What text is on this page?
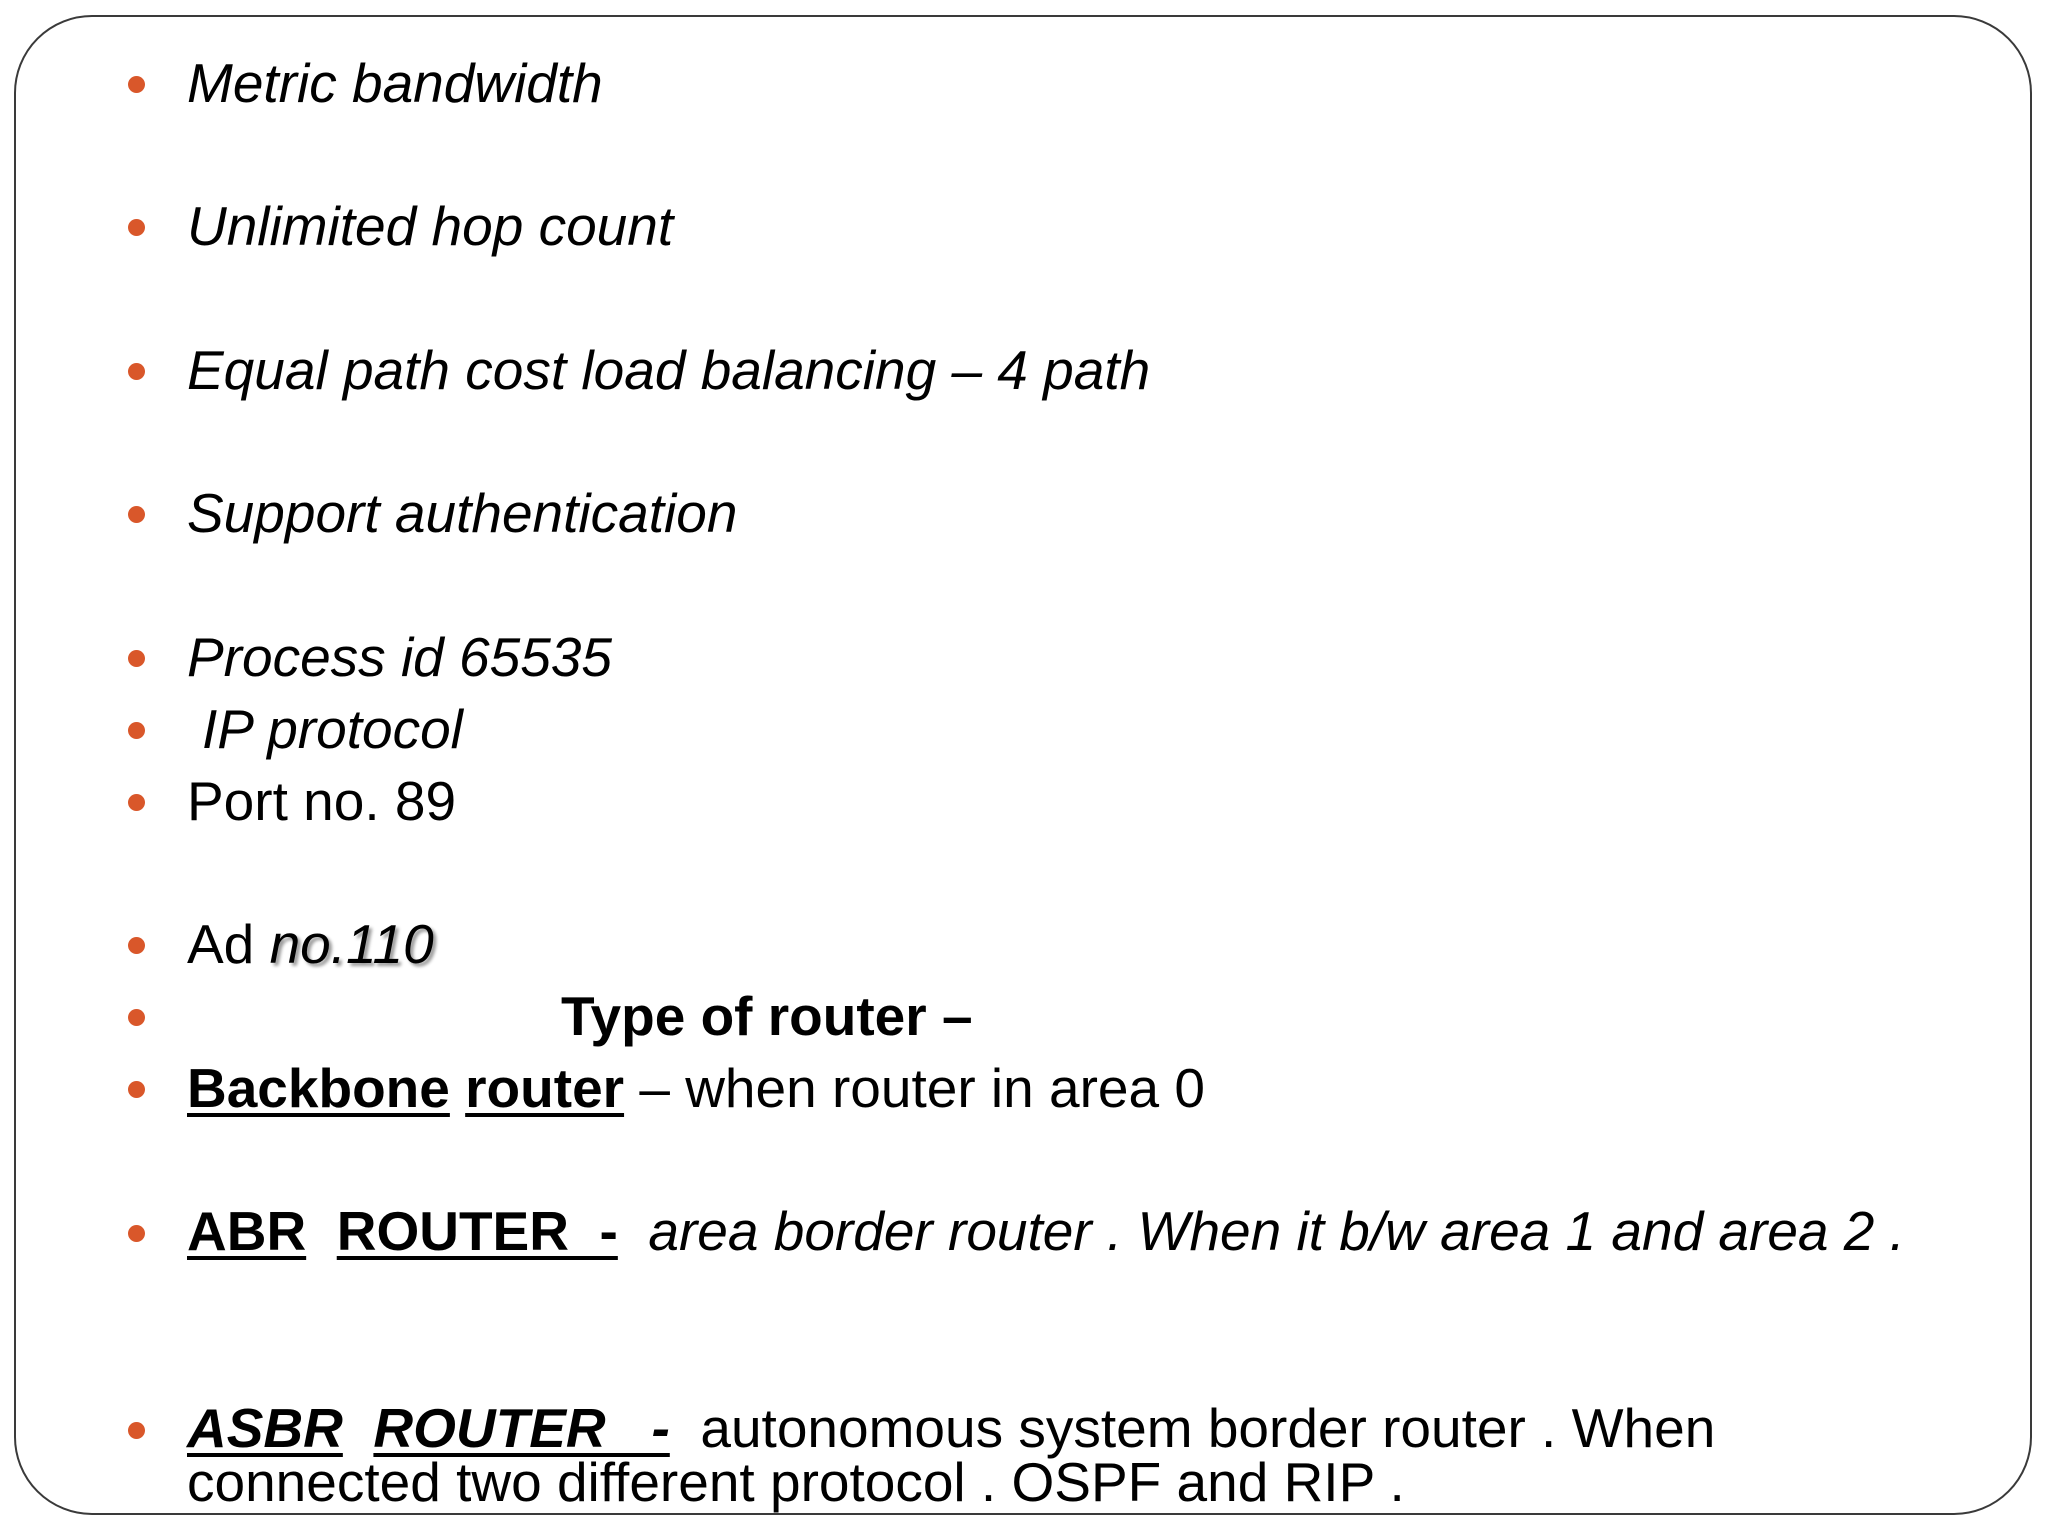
Metric bandwidth
Unlimited hop count
Equal path cost load balancing – 4 path
Support authentication
Process id 65535
IP protocol
Port no. 89
Ad no.110
Type of router –
Backbone router – when router in area 0
ABR ROUTER  - area border router . When it b/w area 1 and area 2 .
ASBR ROUTER   - autonomous system border router . When connected two different protocol . OSPF and RIP .
